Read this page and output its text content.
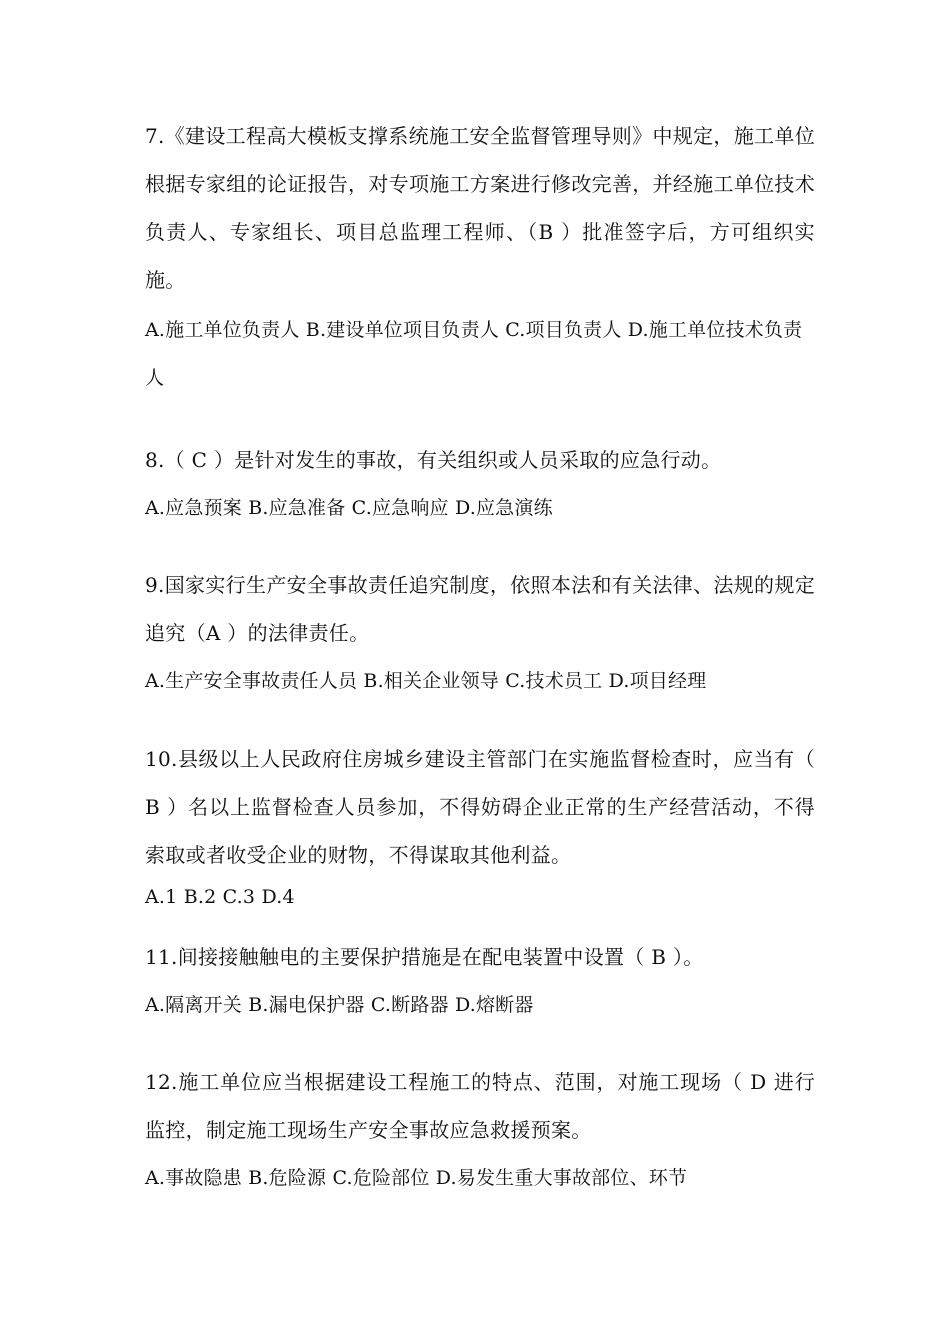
7.《建设工程高大模板支撑系统施工安全监督管理导则》中规定，施工单位根据专家组的论证报告，对专项施工方案进行修改完善，并经施工单位技术负责人、专家组长、项目总监理工程师、（B ）批准签字后，方可组织实施。

A.施工单位负责人 B.建设单位项目负责人 C.项目负责人 D.施工单位技术负责人

8.（ C ）是针对发生的事故，有关组织或人员采取的应急行动。

A.应急预案 B.应急准备 C.应急响应 D.应急演练

9.国家实行生产安全事故责任追究制度，依照本法和有关法律、法规的规定追究（A ）的法律责任。

A.生产安全事故责任人员 B.相关企业领导 C.技术员工 D.项目经理

10.县级以上人民政府住房城乡建设主管部门在实施监督检查时，应当有（ B ）名以上监督检查人员参加，不得妨碍企业正常的生产经营活动，不得索取或者收受企业的财物，不得谋取其他利益。

A.1 B.2 C.3 D.4

11.间接接触触电的主要保护措施是在配电装置中设置（ B ）。

A.隔离开关 B.漏电保护器 C.断路器 D.熔断器

12.施工单位应当根据建设工程施工的特点、范围，对施工现场（ D 进行监控，制定施工现场生产安全事故应急救援预案。

A.事故隐患 B.危险源 C.危险部位 D.易发生重大事故部位、环节
